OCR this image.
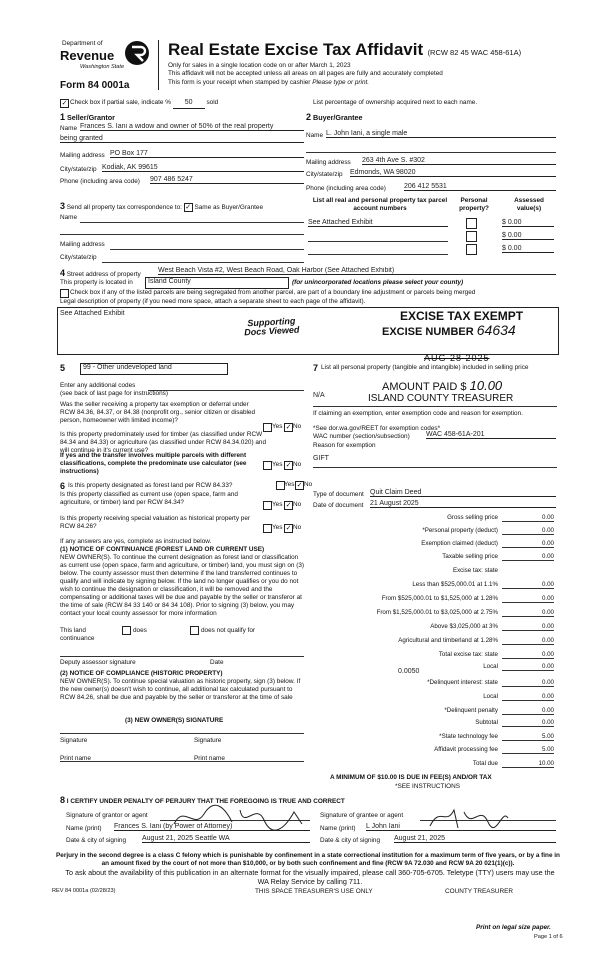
Department of
Revenue
Washington State
Form 84 0001a
Real Estate Excise Tax Affidavit (RCW 82 45 WAC 458-61A)
Only for sales in a single location code on or after March 1, 2023
This affidavit will not be accepted unless all areas on all pages are fully and accurately completed
This form is your receipt when stamped by cashier Please type or print.
✓ Check box if partial sale, indicate % 50 sold	List percentage of ownership acquired next to each name.
1 Seller/Grantor
Name Frances S. Iani a widow and owner of 50% of the real property
being granted
Mailing address PO Box 177
City/state/zip Kodiak, AK 99615
Phone (including area code) 907 486 5247
2 Buyer/Grantee
Name L. John Iani, a single male
Mailing address 263 4th Ave S. #302
City/state/zip Edmonds, WA 98020
Phone (including area code)	206 412 5531
3 Send all property tax correspondence to: ✓ Same as Buyer/Grantee
Name
Mailing address
City/state/zip
List all real and personal property tax parcel account numbers
Personal property?
Assessed value(s)
See Attached Exhibit	$ 0.00
$ 0.00
$ 0.00
4 Street address of property
West Beach Vista #2, West Beach Road, Oak Harbor (See Attached Exhibit)
This property is located in	Island County	(for unincorporated locations please select your county)
Check box if any of the listed parcels are being segregated from another parcel, are part of a boundary line adjustment or parcels being merged
Legal description of property (if you need more space, attach a separate sheet to each page of the affidavit).
See Attached Exhibit
Supporting
Docs Viewed
EXCISE TAX EXEMPT
EXCISE NUMBER 64634
AUG 28 2025
AMOUNT PAID $ 10.00
ISLAND COUNTY TREASURER
5	99 - Other undeveloped land
Enter any additional codes
(see back of last page for instructions)
Was the seller receiving a property tax exemption or deferral under RCW 84.36, 84.37, or 84.38 (nonprofit org., senior citizen or disabled person, homeowner with limited income)?
Yes ✓ No
Is this property predominately used for timber (as classified under RCW 84.34 and 84.33) or agriculture (as classified under RCW 84.34.020) and will continue in it's current use?
If yes and the transfer involves multiple parcels with different classifications, complete the predominate use calculator (see instructions)
Yes ✓ No
6 Is this property designated as forest land per RCW 84.33?	Yes ✓ No
Is this property classified as current use (open space, farm and agriculture, or timber) land per RCW 84.34?	Yes ✓ No
Is this property receiving special valuation as historical property per RCW 84.26?	Yes ✓ No
If any answers are yes, complete as instructed below.
(1) NOTICE OF CONTINUANCE (FOREST LAND OR CURRENT USE)
NEW OWNER(S). To continue the current designation as forest land or classification as current use (open space, farm and agriculture, or timber) land, you must sign on (3) below. The county assessor must then determine if the land transferred continues to qualify and will indicate by signing below. If the land no longer qualifies or you do not wish to continue the designation or classification, it will be removed and the compensating or additional taxes will be due and payable by the seller or transferor at the time of sale (RCW 84 33 140 or 84 34 108). Prior to signing (3) below, you may contact your local county assessor for more information
This land	does	does not qualify for
continuance
Deputy assessor signature	Date
(2) NOTICE OF COMPLIANCE (HISTORIC PROPERTY)
NEW OWNER(S). To continue special valuation as historic property, sign (3) below. If the new owner(s) doesn't wish to continue, all additional tax calculated pursuant to RCW 84.26, shall be due and payable by the seller or transferor at the time of sale
(3) NEW OWNER(S) SIGNATURE
Signature	Signature
Print name	Print name
7 List all personal property (tangible and intangible) included in selling price
N/A
If claiming an exemption, enter exemption code and reason for exemption.
*See dor.wa.gov/REET for exemption codes*
WAC number (section/subsection) WAC 458-61A-201
Reason for exemption
GIFT
Type of document Quit Claim Deed
Date of document 21 August 2025
Gross selling price	0.00
*Personal property (deduct)	0.00
Exemption claimed (deduct)	0.00
Taxable selling price	0.00
Excise tax: state
Less than $525,000.01 at 1.1%	0.00
From $525,000.01 to $1,525,000 at 1.28%	0.00
From $1,525,000.01 to $3,025,000 at 2.75%	0.00
Above $3,025,000 at 3%	0.00
Agricultural and timberland at 1.28%	0.00
Total excise tax: state	0.00
Local	0.00
*Delinquent interest: state	0.00
Local	0.00
*Delinquent penalty	0.00
Subtotal	0.00
*State technology fee	5.00
Affidavit processing fee	5.00
Total due	10.00
0.0050
A MINIMUM OF $10.00 IS DUE IN FEE(S) AND/OR TAX
*SEE INSTRUCTIONS
8 I CERTIFY UNDER PENALTY OF PERJURY THAT THE FOREGOING IS TRUE AND CORRECT
Signature of grantor or agent
Name (print) Frances S. Iani (by Power of Attorney)
Date & city of signing August 21, 2025 Seattle WA
Signature of grantee or agent
Name (print) L John Iani
Date & city of signing August 21, 2025
Perjury in the second degree is a class C felony which is punishable by confinement in a state correctional institution for a maximum term of five years, or by a fine in an amount fixed by the court of not more than $10,000, or by both such confinement and fine (RCW 9A 72.030 and RCW 9A 20 021(1)(c)).
To ask about the availability of this publication in an alternate format for the visually impaired, please call 360-705-6705. Teletype (TTY) users may use the WA Relay Service by calling 711.
REV 84 0001a (02/28/23)	THIS SPACE TREASURER'S USE ONLY	COUNTY TREASURER
Print on legal size paper.
Page 1 of 6
